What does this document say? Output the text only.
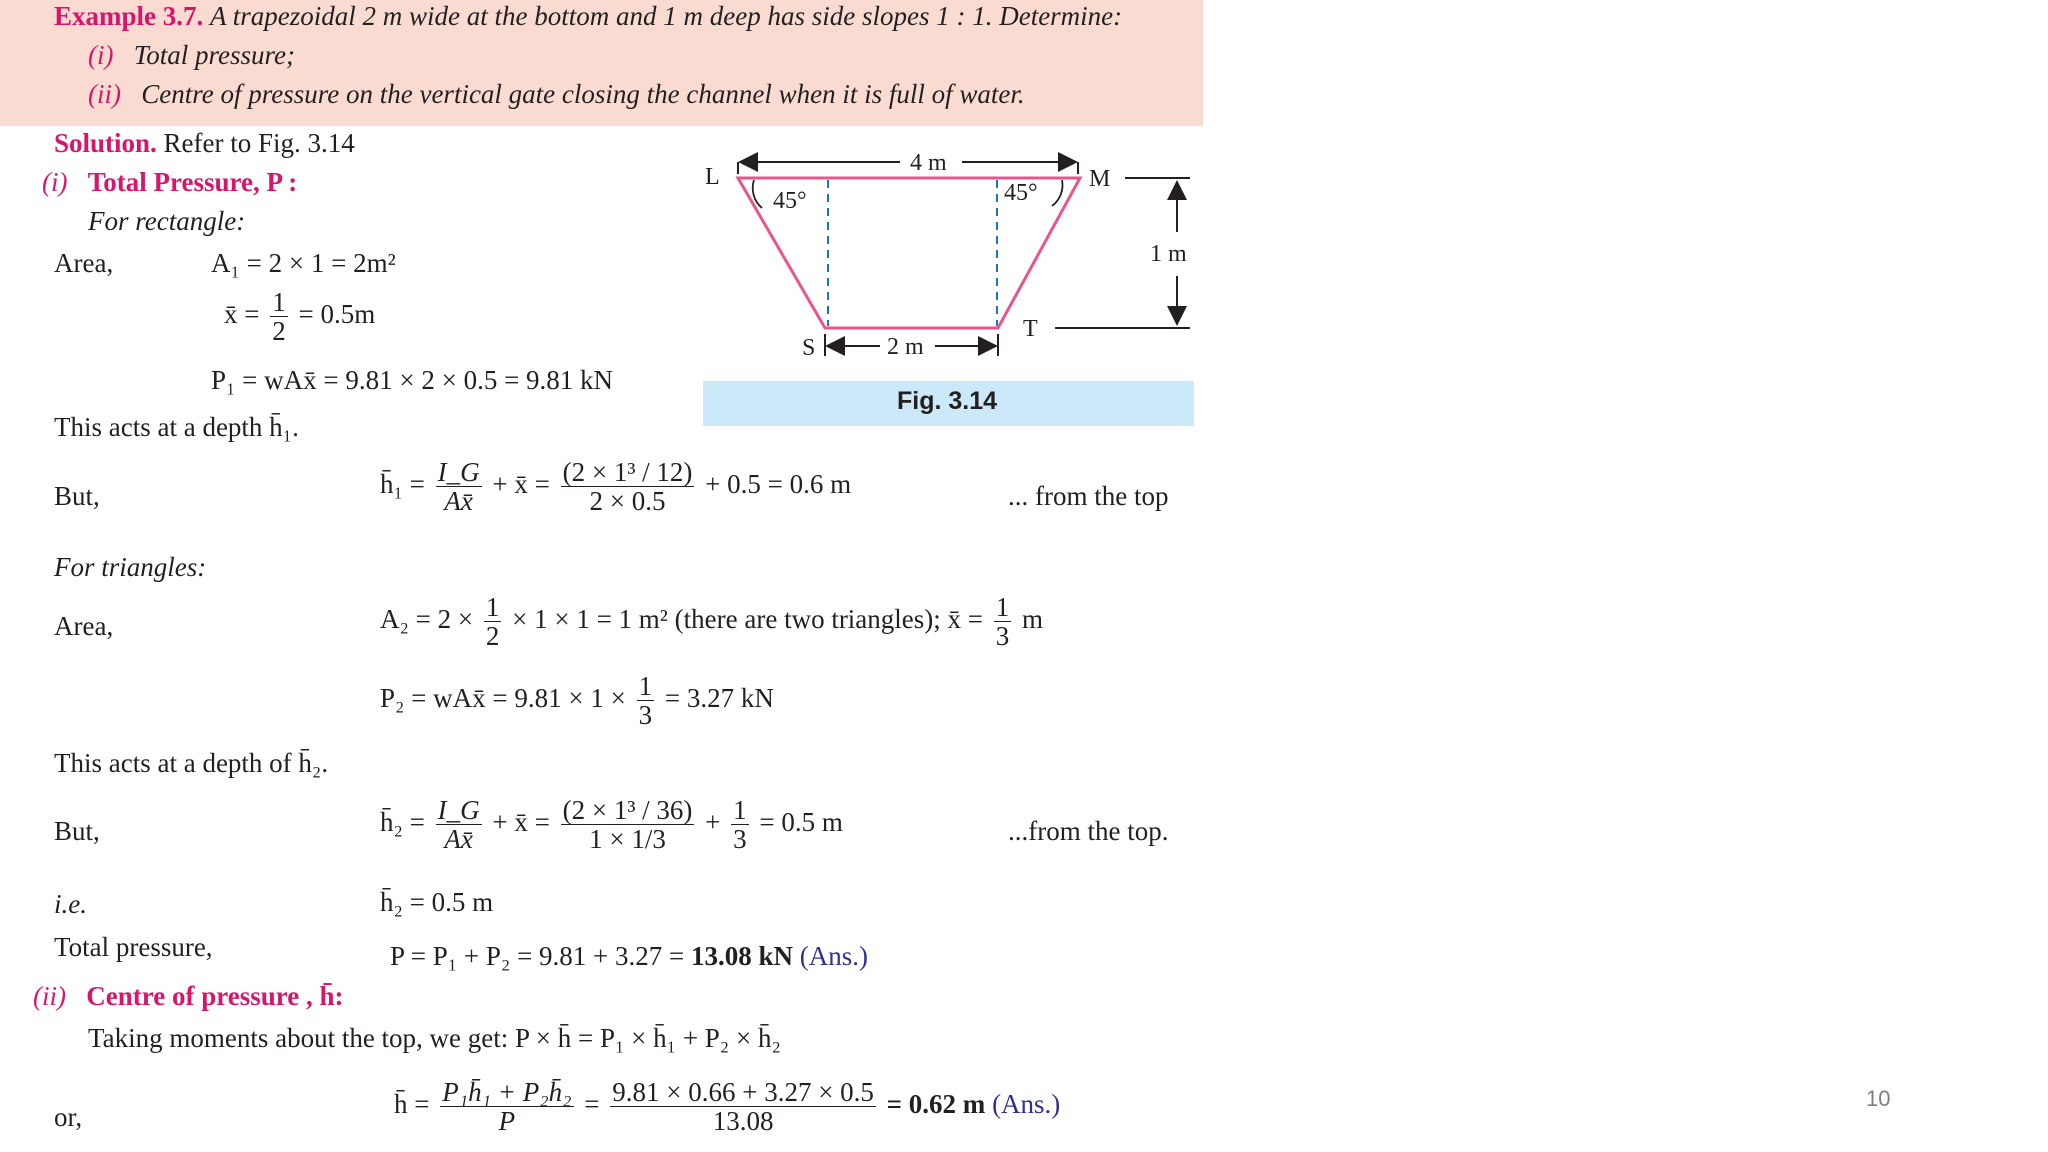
Example 3.7. A trapezoidal 2 m wide at the bottom and 1 m deep has side slopes 1 : 1. Determine:
(i) Total pressure;
(ii) Centre of pressure on the vertical gate closing the channel when it is full of water.
Solution. Refer to Fig. 3.14
(i) Total Pressure, P :
For rectangle:
Area,	A₁ = 2 × 1 = 2m²
x̄ = $\frac{1}{2} = 0.5m$
P₁ = wAx̄ = 9.81 × 2 × 0.5 = 9.81 kN
This acts at a depth h̄₁.
But,	h̄₁ = $\frac{I\_G}{Ax̄}$ + x̄ = $\frac{\text{(2 × 1³ / 12)}}{2 \times 0.5} + 0.5 = 0.6$ m	... from the top
For triangles:
Area,	$A_2 = 2 \times \frac{1}{2} \times 1 \times 1 = 1$ m² (there are two triangles); x̄ = $\frac{1}{3}$ m
P₂ = wAx̄ = $9.81 \times 1 \times \frac{1}{3} = 3.27$ kN
This acts at a depth of h̄₂.
But,	h̄₂ = $\frac{I\_G}{Ax̄}$ + x̄ = $\frac{\text{(2 × 1³ / 36)}}{1 \times 1/3} + \frac{1}{3} = 0.5$ m	...from the top.
i.e.	h̄₂ = 0.5 m
Total pressure,	P = P₁ + P₂ = 9.81 + 3.27 = 13.08 kN (Ans.)
(ii) Centre of pressure , h̄:
Taking moments about the top, we get: P × h̄ = P₁ × h̄₁ + P₂ × h̄₂
or,	h̄ = $\frac{\text{P₁h̄₁ + P₂h̄₂}}{P} = \frac{9.81 \times 0.66 + 3.27 \times 0.5}{13.08} = 0.62$ m (Ans.)
4 m
2 m
1 m
45°	45°
L	M
S
T
Fig. 3.14
10
